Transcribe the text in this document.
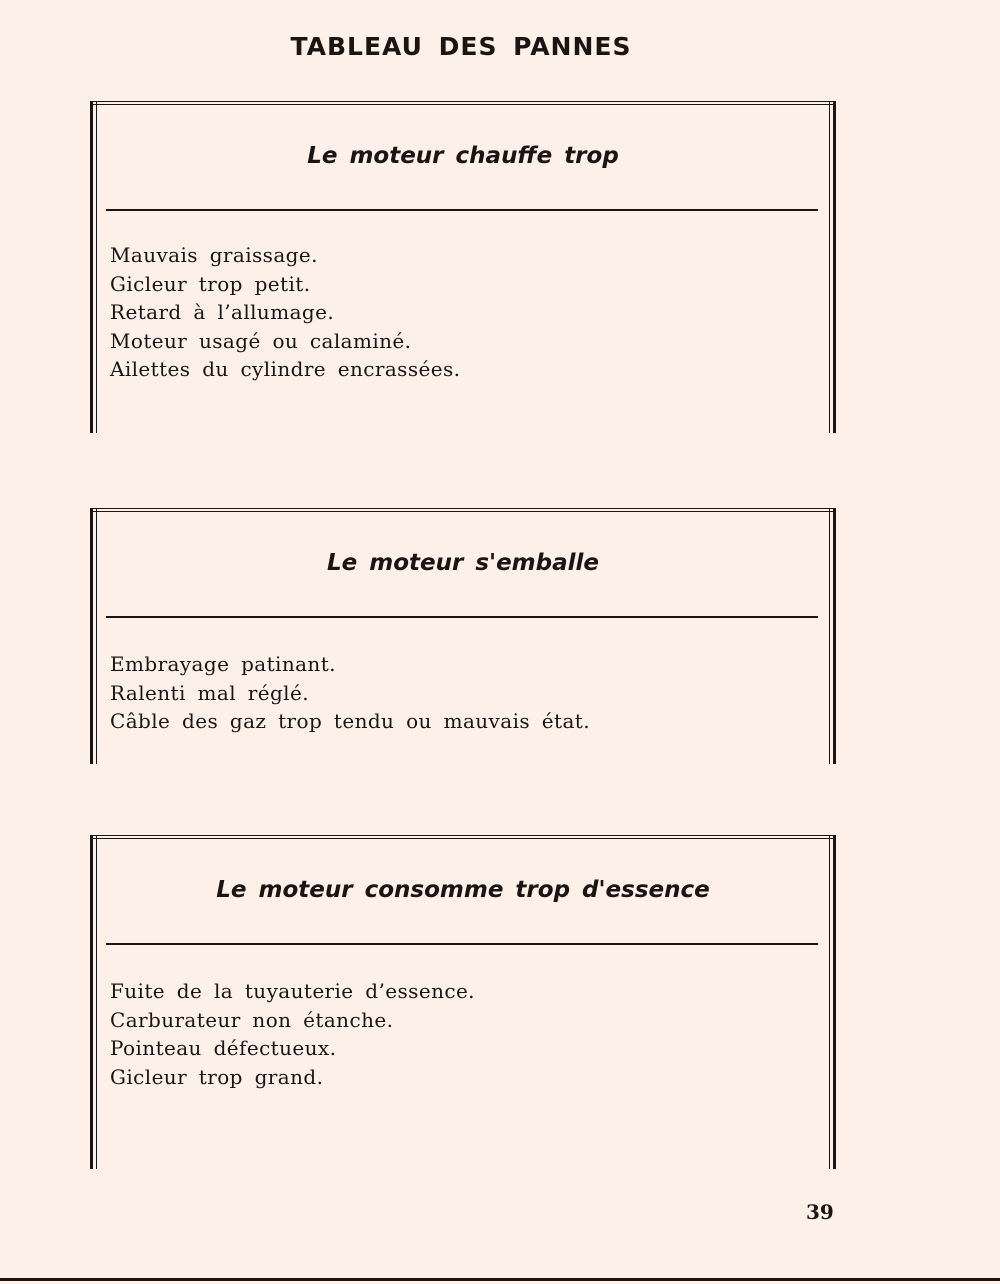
TABLEAU DES PANNES
Le moteur chauffe trop
Mauvais graissage.
Gicleur trop petit.
Retard à l’allumage.
Moteur usagé ou calaminé.
Ailettes du cylindre encrassées.
Le moteur s'emballe
Embrayage patinant.
Ralenti mal réglé.
Câble des gaz trop tendu ou mauvais état.
Le moteur consomme trop d'essence
Fuite de la tuyauterie d’essence.
Carburateur non étanche.
Pointeau défectueux.
Gicleur trop grand.
39
